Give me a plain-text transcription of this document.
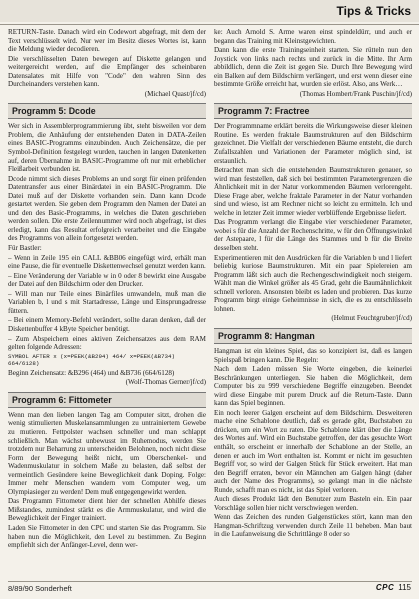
Tips & Tricks

RETURN-Taste. Danach wird ein Codewort abgefragt, mit dem der Text verschlüsselt wird. Nur wer im Besitz dieses Wortes ist, kann die Meldung wieder decodieren.

Die verschlüsselten Daten bewegen auf Diskette gelangen und weitergereicht werden, auf die Empfänger des scheinbaren Datensalates mit Hilfe von "Code" den wahren Sinn des Durcheinanders verstehen kann.

(Michael Quast/jf/cd)

Programm 5: Dcode

Wer sich in Assemblerprogrammierung übt, steht bisweilen vor dem Problem, die Anhäufung der entstehenden Daten in DATA-Zeilen eines BASIC-Programms einzubinden. Auch Zeichensätze, die per Symbol-Definition festgelegt wurden, tauchen in langen Datenketten auf, deren Übernahme in BASIC-Programme oft nur mit erheblicher Fleißarbeit verbunden ist.

Dcode nimmt sich dieses Problems an und sorgt für einen prüfenden Datentransfer aus einer Binärdatei in ein BASIC-Programm. Die Datei muß auf der Diskette vorhanden sein. Dann kann Dcode gestartet werden. Sie geben dem Programm den Namen der Datei an und den des Basic-Programms, in welches die Daten geschrieben werden sollen. Die erste Zeilennummer wird noch abgefragt, ist dies erledigt, kann das Resultat erfolgreich verarbeitet und die Eingabe des Programms von allein fortgesetzt werden.

Für Bastler:

– Wenn in Zeile 195 ein CALL &BB06 eingefügt wird, erhält man eine Pause, die für eventuelle Diskettenwechsel genutzt werden kann.

– Eine Veränderung der Variable w in 0 oder 8 bewirkt eine Ausgabe der Datei auf den Bildschirm oder den Drucker.

– Will man nur Teile eines Binärfiles umwandeln, muß man die Variablen b, l und s mit Startadresse, Länge und Einsprungadresse füttern.

– Bei einem Memory-Befehl verändert, sollte daran denken, daß der Diskettenbuffer 4 kByte Speicher benötigt.

– Zum Abspeichern eines aktiven Zeichensatzes aus dem RAM gelten folgende Adressen:

SYMBOL AFTER x (x=PEEK(&B294) 464/ x=PEEK(&B734) 664/6128)

Beginn Zeichensatz: &B296 (464) und &B736 (664/6128)

(Wolf-Thomas Gerner/jf/cd)

Programm 6: Fittometer

Wenn man den lieben langen Tag am Computer sitzt, drohen die wenig stimulierten Muskelansammlungen zu untrainiertem Gewebe zu mutieren. Fettpolster wachsen schneller und man schlappt schließlich. Man wächst unbewusst im Ruhemodus, werden Sie trotzdem nur Beharrung zu unterscheiden Belohnen, noch nicht diese Form der Bewegung heißt nicht, um Oberschenkel- und Wadenmuskulatur in solchem Maße zu belasten, daß selbst der vermeintlich Gesündere keine Beweglichkeit dank Doping. Folge: Immer mehr Menschen wandern vom Computer weg, um Olympiasieger zu werden! Dem muß entgegengewirkt werden.

Das Programm Fittometer dient hier der schnellen Abhilfe dieses Mißstandes, zumindest stärkt es die Armmuskulatur, und wird die Beweglichkeit der Finger trainiert.

Laden Sie Fittometer in den CPC und starten Sie das Programm. Sie haben nun die Möglichkeit, den Level zu bestimmen. Zu Beginn empfiehlt sich der Anfänger-Level, denn wer-

ke: Auch Arnold S. Arme waren einst spindeldürr, und auch er begann das Training mit Kleinstgewichten.

Dann kann die erste Trainingseinheit starten. Sie rütteln nun den Joystick von links nach rechts und zurück in die Mitte. Ihr Arm abbildlich, denn die Zeit ist gegen Sie. Durch Ihre Bewegung wird ein Balken auf dem Bildschirm verlängert, und erst wenn dieser eine bestimmte Größe erreicht hat, wurden sie erlöst. Also, ans Werk…

(Thomas Hombert/Frank Puschin/jf/cd)

Programm 7: Fractree

Der Programmname erklärt bereits die Wirkungsweise dieser kleinen Routine. Es werden fraktale Baumstrukturen auf den Bildschirm gezeichnet. Die Vielfalt der verschiedenen Bäume entsteht, die durch Zufallszahlen und Variationen der Parameter möglich sind, ist erstaunlich.

Betrachtet man sich die entstehenden Baumstrukturen genauer, so wird man feststellen, daß sich bei bestimmten Parametergrenzen die Ähnlichkeit mit in der Natur vorkommenden Bäumen verlorengeht. Diese Frage aber, welche fraktale Parameter in der Natur vorhanden sind und wieso, ist am Rechner nicht so leicht zu ermitteln. Ich und welche in letzter Zeit immer wieder verblüffende Ergebnisse liefert.

Das Programm verlangt die Eingabe vier verschiedener Parameter, wobei s für die Anzahl der Rechenschritte, w für den Öffnungswinkel der Astepaare, l für die Länge des Stammes und b für die Breite desselben steht.

Experimentieren mit den Ausdrücken für die Variablen b und l liefert beliebig kuriose Baumstrukturen. Mit ein paar Spielereien am Programm läßt sich auch die Rechengeschwindigkeit noch steigern. Wählt man die Winkel größer als 45 Grad, geht die Baumähnlichkeit schnell verloren. Ansonsten bleibt es laden und probieren. Das kurze Programm birgt einige Geheimnisse in sich, die es zu entschlüsseln lohnen.

(Helmut Feuchtgruber/jf/cd)

Programm 8: Hangman

Hangman ist ein kleines Spiel, das so konzipiert ist, daß es langen Spielspaß bringen kann. Die Regeln:

Nach dem Laden müssen Sie Worte eingeben, die keinerlei Beschränkungen unterliegen. Sie haben die Möglichkeit, dem Computer bis zu 999 verschiedene Begriffe einzugeben. Beendet wird diese Eingabe mit purem Druck auf die Return-Taste. Dann kann das Spiel beginnen.

Ein noch leerer Galgen erscheint auf dem Bildschirm. Desweiteren mache eine Schablone deutlich, daß es gerade gibt, Buchstaben zu drücken, um ein Wort zu raten. Die Schablone klärt über die Länge des Wortes auf. Wird ein Buchstabe getroffen, der das gesuchte Wort enthält, so erscheint er innerhalb der Schablone an der Stelle, an denen er auch im Wort enthalten ist. Kommt er nicht im gesuchten Begriff vor, so wird der Galgen Stück für Stück erweitert. Hat man den Begriff erraten, bevor ein Männchen am Galgen hängt (daher auch der Name des Programms), so gelangt man in die nächste Runde, schafft man es nicht, ist das Spiel verloren.

Auch dieses Produkt lädt den Benutzer zum Basteln ein. Ein paar Vorschläge sollen hier nicht verschwiegen werden.

Wenn das Zeichen des runden Galgenstückes stört, kann man den Hangman-Schriftzug verwenden durch Zeile 11 beheben. Man baut in die Laufanweisung die Schrittlänge 8 oder so

8/89/90 Sonderheft	CPC 115
